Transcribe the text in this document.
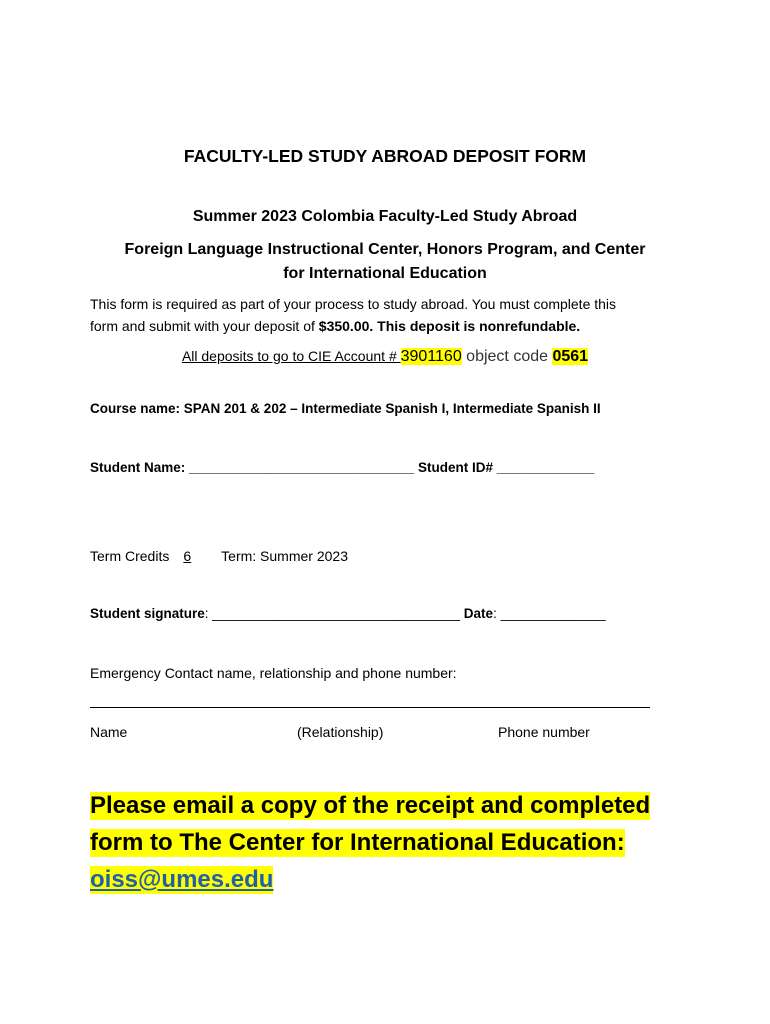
FACULTY-LED STUDY ABROAD DEPOSIT FORM
Summer 2023 Colombia Faculty-Led Study Abroad
Foreign Language Instructional Center, Honors Program, and Center
for International Education
This form is required as part of your process to study abroad. You must complete this
form and submit with your deposit of $350.00. This deposit is nonrefundable.
All deposits to go to CIE Account # 3901160 object code 0561
Course name: SPAN 201 & 202 – Intermediate Spanish I, Intermediate Spanish II
Student Name: ______________________________ Student ID# _____________
Term Credits 6 Term: Summer 2023
Student signature: _________________________________ Date: ______________
Emergency Contact name, relationship and phone number:
Name	(Relationship)	Phone number
Please email a copy of the receipt and completed
form to The Center for International Education:
oiss@umes.edu
